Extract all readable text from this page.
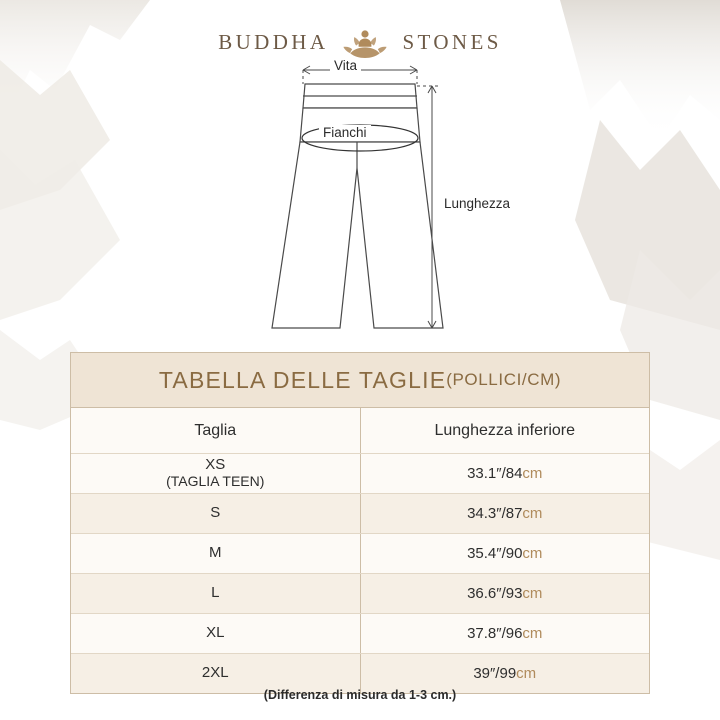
BUDDHA	STONES
Vita
Fianchi
Lunghezza
TABELLA DELLE TAGLIE (POLLICI/CM)
Taglia	Lunghezza inferiore

XS
(TAGLIA TEEN)	33.1″/84cm
S	34.3″/87cm
M	35.4″/90cm
L	36.6″/93cm
XL	37.8″/96cm
2XL	39″/99cm
(Differenza di misura da 1-3 cm.)
